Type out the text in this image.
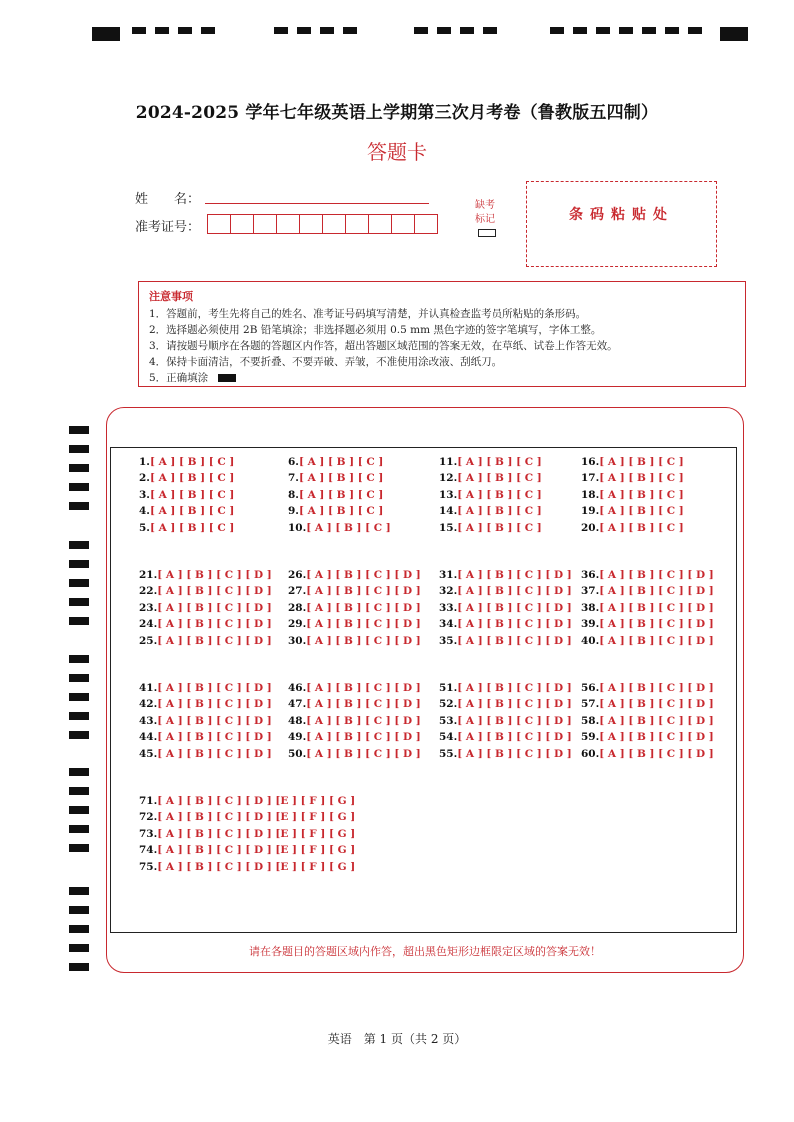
2024-2025 学年七年级英语上学期第三次月考卷（鲁教版五四制）
答题卡
姓　　名：
准考证号：
缺考
标记	条码粘贴处
注意事项
1．答题前，考生先将自己的姓名、准考证号码填写清楚，并认真检查监考员所粘贴的条形码。
2．选择题必须使用 2B 铅笔填涂；非选择题必须用 0.5 mm 黑色字迹的签字笔填写，字体工整。
3．请按题号顺序在各题的答题区内作答，超出答题区域范围的答案无效，在草纸、试卷上作答无效。
4．保持卡面清洁，不要折叠、不要弄破、弄皱，不准使用涂改液、刮纸刀。
5．正确填涂
1.[ A ] [ B ] [ C ]
2.[ A ] [ B ] [ C ]
3.[ A ] [ B ] [ C ]
4.[ A ] [ B ] [ C ]
5.[ A ] [ B ] [ C ]
6.[ A ] [ B ] [ C ]
7.[ A ] [ B ] [ C ]
8.[ A ] [ B ] [ C ]
9.[ A ] [ B ] [ C ]
10.[ A ] [ B ] [ C ]
11.[ A ] [ B ] [ C ]
12.[ A ] [ B ] [ C ]
13.[ A ] [ B ] [ C ]
14.[ A ] [ B ] [ C ]
15.[ A ] [ B ] [ C ]
16.[ A ] [ B ] [ C ]
17.[ A ] [ B ] [ C ]
18.[ A ] [ B ] [ C ]
19.[ A ] [ B ] [ C ]
20.[ A ] [ B ] [ C ]
21.[ A ] [ B ] [ C ] [ D ]
22.[ A ] [ B ] [ C ] [ D ]
23.[ A ] [ B ] [ C ] [ D ]
24.[ A ] [ B ] [ C ] [ D ]
25.[ A ] [ B ] [ C ] [ D ]
26.[ A ] [ B ] [ C ] [ D ]
27.[ A ] [ B ] [ C ] [ D ]
28.[ A ] [ B ] [ C ] [ D ]
29.[ A ] [ B ] [ C ] [ D ]
30.[ A ] [ B ] [ C ] [ D ]
31.[ A ] [ B ] [ C ] [ D ]
32.[ A ] [ B ] [ C ] [ D ]
33.[ A ] [ B ] [ C ] [ D ]
34.[ A ] [ B ] [ C ] [ D ]
35.[ A ] [ B ] [ C ] [ D ]
36.[ A ] [ B ] [ C ] [ D ]
37.[ A ] [ B ] [ C ] [ D ]
38.[ A ] [ B ] [ C ] [ D ]
39.[ A ] [ B ] [ C ] [ D ]
40.[ A ] [ B ] [ C ] [ D ]
41.[ A ] [ B ] [ C ] [ D ]
42.[ A ] [ B ] [ C ] [ D ]
43.[ A ] [ B ] [ C ] [ D ]
44.[ A ] [ B ] [ C ] [ D ]
45.[ A ] [ B ] [ C ] [ D ]
46.[ A ] [ B ] [ C ] [ D ]
47.[ A ] [ B ] [ C ] [ D ]
48.[ A ] [ B ] [ C ] [ D ]
49.[ A ] [ B ] [ C ] [ D ]
50.[ A ] [ B ] [ C ] [ D ]
51.[ A ] [ B ] [ C ] [ D ]
52.[ A ] [ B ] [ C ] [ D ]
53.[ A ] [ B ] [ C ] [ D ]
54.[ A ] [ B ] [ C ] [ D ]
55.[ A ] [ B ] [ C ] [ D ]
56.[ A ] [ B ] [ C ] [ D ]
57.[ A ] [ B ] [ C ] [ D ]
58.[ A ] [ B ] [ C ] [ D ]
59.[ A ] [ B ] [ C ] [ D ]
60.[ A ] [ B ] [ C ] [ D ]
71.[ A ] [ B ] [ C ] [ D ] [E ] [ F ] [ G ]
72.[ A ] [ B ] [ C ] [ D ] [E ] [ F ] [ G ]
73.[ A ] [ B ] [ C ] [ D ] [E ] [ F ] [ G ]
74.[ A ] [ B ] [ C ] [ D ] [E ] [ F ] [ G ]
75.[ A ] [ B ] [ C ] [ D ] [E ] [ F ] [ G ]
请在各题目的答题区域内作答，超出黑色矩形边框限定区域的答案无效！
英语　第 1 页（共 2 页）
